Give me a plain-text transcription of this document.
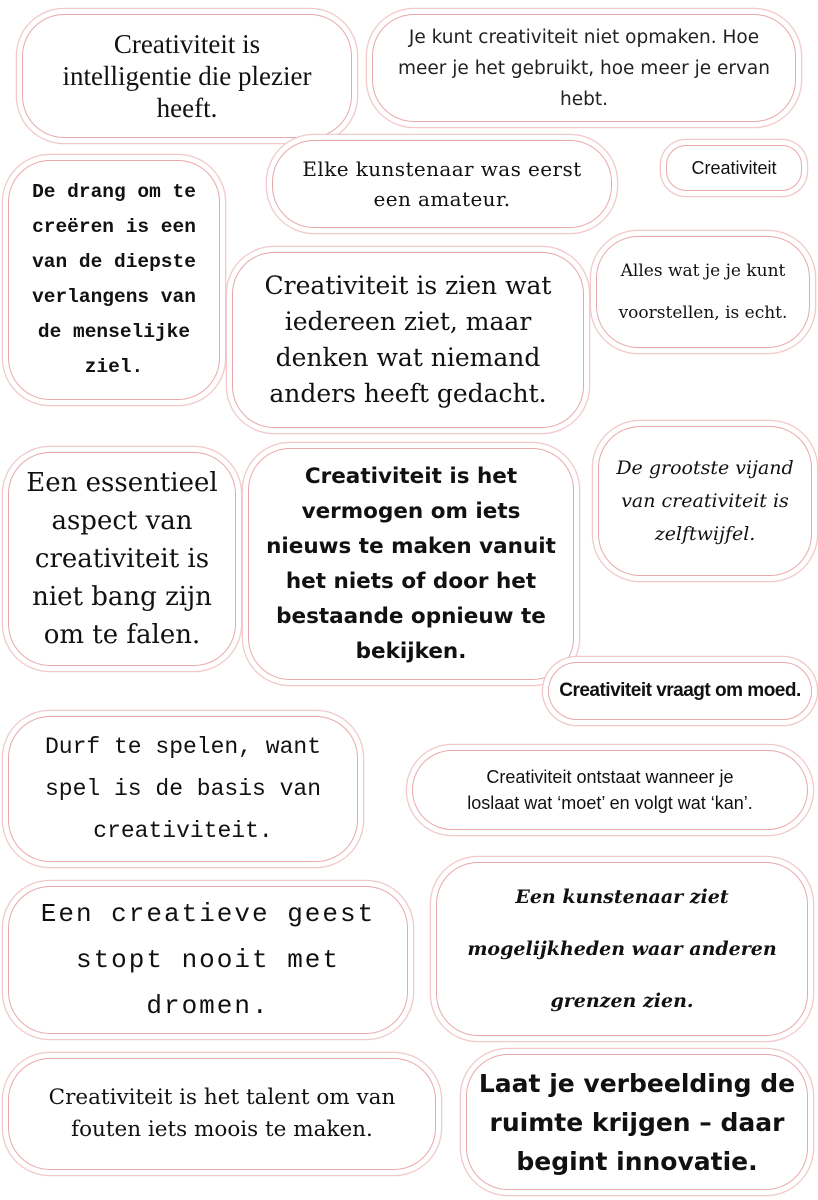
Creativiteit is
intelligentie die plezier
heeft.
Je kunt creativiteit niet opmaken. Hoe
meer je het gebruikt, hoe meer je ervan
hebt.
Elke kunstenaar was eerst
een amateur.
Creativiteit
De drang om te
creëren is een
van de diepste
verlangens van
de menselijke
ziel.
Creativiteit is zien wat
iedereen ziet, maar
denken wat niemand
anders heeft gedacht.
Alles wat je je kunt
voorstellen, is echt.
Een essentieel
aspect van
creativiteit is
niet bang zijn
om te falen.
Creativiteit is het
vermogen om iets
nieuws te maken vanuit
het niets of door het
bestaande opnieuw te
bekijken.
De grootste vijand
van creativiteit is
zelftwijfel.
Creativiteit vraagt om moed.
Durf te spelen, want
spel is de basis van
creativiteit.
Creativiteit ontstaat wanneer je
loslaat wat ‘moet’ en volgt wat ‘kan’.
Een creatieve geest
stopt nooit met
dromen.
Een kunstenaar ziet
mogelijkheden waar anderen
grenzen zien.
Creativiteit is het talent om van
fouten iets moois te maken.
Laat je verbeelding de
ruimte krijgen – daar
begint innovatie.
